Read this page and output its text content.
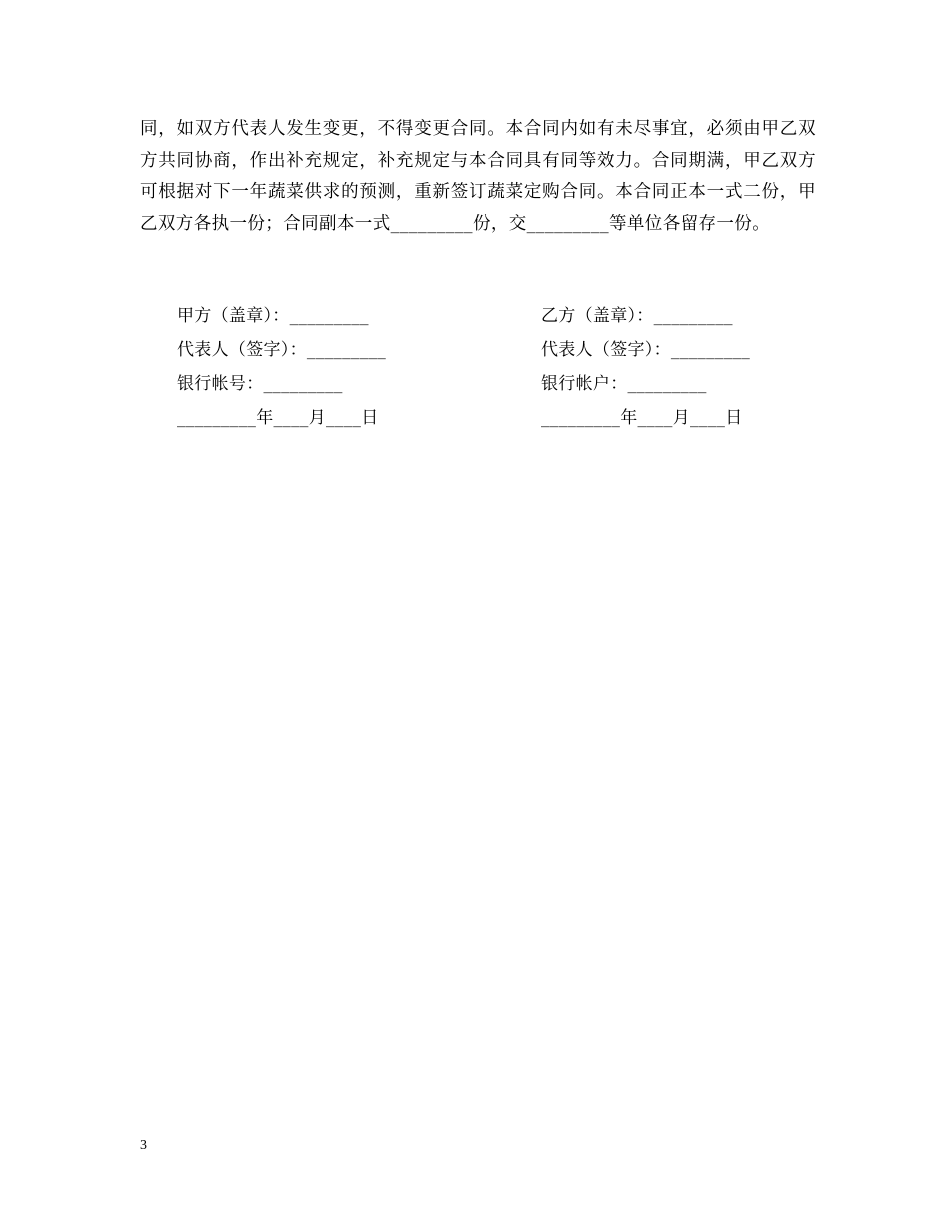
同，如双方代表人发生变更，不得变更合同。本合同内如有未尽事宜，必须由甲乙双方共同协商，作出补充规定，补充规定与本合同具有同等效力。合同期满，甲乙双方可根据对下一年蔬菜供求的预测，重新签订蔬菜定购合同。本合同正本一式二份，甲乙双方各执一份；合同副本一式_________份，交_________等单位各留存一份。

甲方（盖章）：_________	乙方（盖章）：_________
代表人（签字）：_________	代表人（签字）：_________
银行帐号：_________	银行帐户：_________
_________年____月____日	_________年____月____日
3
